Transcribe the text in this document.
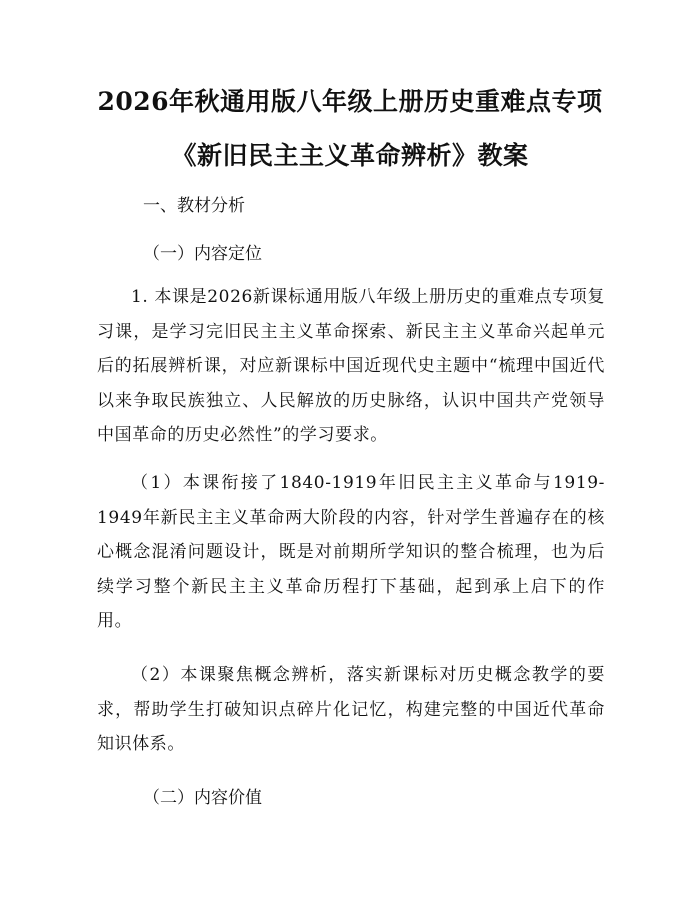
2026年秋通用版八年级上册历史重难点专项
《新旧民主主义革命辨析》教案
一、教材分析
（一）内容定位
1. 本课是2026新课标通用版八年级上册历史的重难点专项复习课，是学习完旧民主主义革命探索、新民主主义革命兴起单元后的拓展辨析课，对应新课标中国近现代史主题中“梳理中国近代以来争取民族独立、人民解放的历史脉络，认识中国共产党领导中国革命的历史必然性”的学习要求。
（1）本课衔接了1840-1919年旧民主主义革命与1919-1949年新民主主义革命两大阶段的内容，针对学生普遍存在的核心概念混淆问题设计，既是对前期所学知识的整合梳理，也为后续学习整个新民主主义革命历程打下基础，起到承上启下的作用。
（2）本课聚焦概念辨析，落实新课标对历史概念教学的要求，帮助学生打破知识点碎片化记忆，构建完整的中国近代革命知识体系。
（二）内容价值
